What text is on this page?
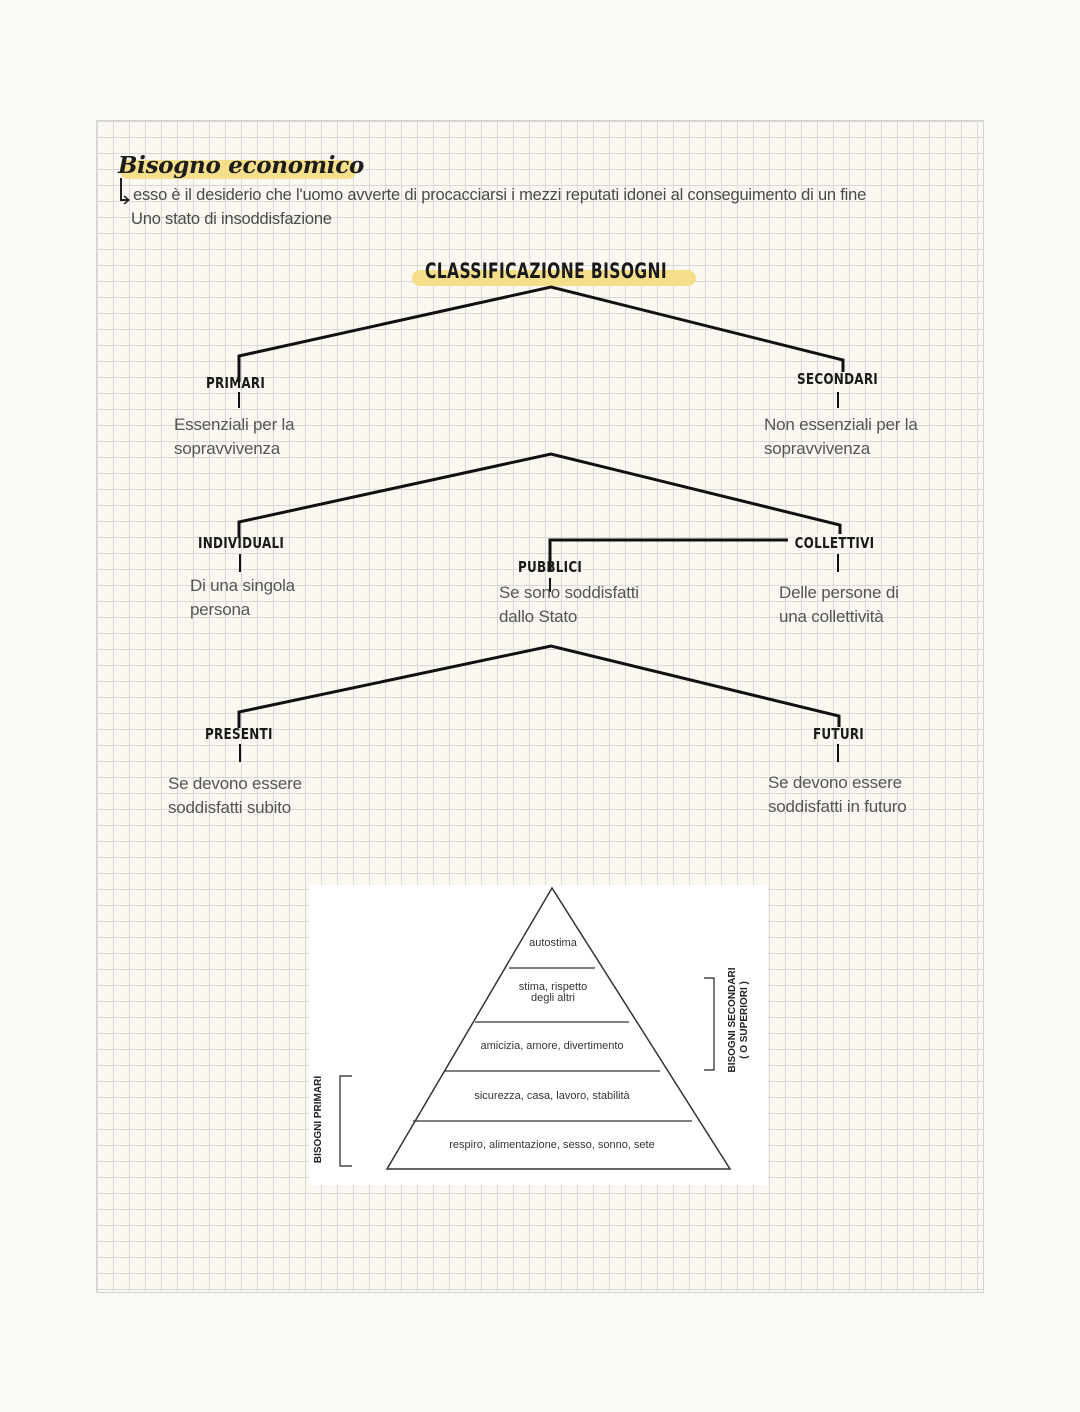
Bisogno economico
esso è il desiderio che l'uomo avverte di procacciarsi i mezzi reputati idonei al conseguimento di un fine
Uno stato di insoddisfazione
CLASSIFICAZIONE BISOGNI
PRIMARI
Essenziali per la
sopravvivenza
SECONDARI
Non essenziali per la
sopravvivenza
INDIVIDUALI
Di una singola
persona
PUBBLICI
Se sono soddisfatti
dallo Stato
COLLETTIVI
Delle persone di
una collettività
PRESENTI
Se devono essere
soddisfatti subito
FUTURI
Se devono essere
soddisfatti in futuro
autostima
stima, rispetto
degli altri
amicizia, amore, divertimento
sicurezza, casa, lavoro, stabilità
respiro, alimentazione, sesso, sonno, sete
BISOGNI PRIMARI
BISOGNI SECONDARI ( O SUPERIORI )
